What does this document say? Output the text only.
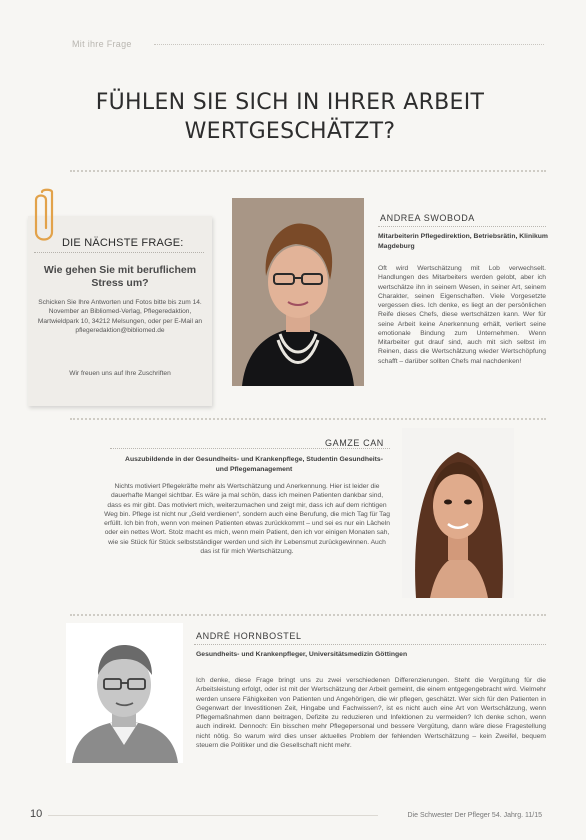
Mit ihre Frage
FÜHLEN SIE SICH IN IHRER ARBEIT
WERTGESCHÄTZT?
DIE NÄCHSTE FRAGE:
Wie gehen Sie mit beruflichem Stress um?
Schicken Sie Ihre Antworten und Fotos bitte bis zum 14. November an Bibliomed-Verlag, Pflegeredaktion, Martwieldpark 10, 34212 Melsungen, oder per E-Mail an pflegeredaktion@bibliomed.de
Wir freuen uns auf Ihre Zuschriften
ANDREA SWOBODA
Mitarbeiterin Pflegedirektion, Betriebsrätin, Klinikum Magdeburg
Oft wird Wertschätzung mit Lob verwechselt. Handlungen des Mitarbeiters werden gelobt, aber ich wertschätze ihn in seinem Wesen, in seiner Art, seinem Charakter, seinen Eigenschaften. Viele Vorgesetzte vergessen dies. Ich denke, es liegt an der persönlichen Reife dieses Chefs, diese wertschätzen kann. Wer für seine Arbeit keine Anerkennung erhält, verliert seine emotionale Bindung zum Unternehmen. Wenn Mitarbeiter gut drauf sind, auch mit sich selbst im Reinen, dass die Wertschätzung wieder Wertschöpfung schafft – darüber sollten Chefs mal nachdenken!
GAMZE CAN
Auszubildende in der Gesundheits- und Krankenpflege, Studentin Gesundheits- und Pflegemanagement
Nichts motiviert Pflegekräfte mehr als Wertschätzung und Anerkennung. Hier ist leider die dauerhafte Mangel sichtbar. Es wäre ja mal schön, dass ich meinen Patienten dankbar sind, dass es mir gibt. Das motiviert mich, weiterzumachen und zeigt mir, dass ich auf dem richtigen Weg bin. Pflege ist nicht nur „Geld verdienen“, sondern auch eine Berufung, die mich Tag für Tag erfüllt. Ich bin froh, wenn von meinen Patienten etwas zurückkommt – und sei es nur ein Lächeln oder ein nettes Wort. Stolz macht es mich, wenn mein Patient, den ich vor einigen Monaten sah, wie sie Stück für Stück selbstständiger werden und sich ihr Lebensmut zurückgewinnen. Auch das ist für mich Wertschätzung.
ANDRÉ HORNBOSTEL
Gesundheits- und Krankenpfleger, Universitätsmedizin Göttingen
Ich denke, diese Frage bringt uns zu zwei verschiedenen Differenzierungen. Steht die Vergütung für die Arbeitsleistung erfolgt, oder ist mit der Wertschätzung der Arbeit gemeint, die einem entgegengebracht wird. Vielmehr werden unsere Fähigkeiten von Patienten und Angehörigen, die wir pflegen, geschätzt. Wer sich für den Patienten in Gegenwart der Investitionen Zeit, Hingabe und Fachwissen?, ist es nicht auch eine Art von Wertschätzung, wenn Pflegemaßnahmen dann beitragen, Defizite zu reduzieren und Infektionen zu vermeiden? Ich denke schon, wenn auch indirekt. Dennoch: Ein bisschen mehr Pflegepersonal und bessere Vergütung, dann wäre diese Fragestellung nicht nötig. So warum wird dies unser aktuelles Problem der fehlenden Wertschätzung – kein Zweifel, bequem steuern die Politiker und die Gesellschaft nicht mehr.
10	Die Schwester Der Pfleger 54. Jahrg. 11/15
